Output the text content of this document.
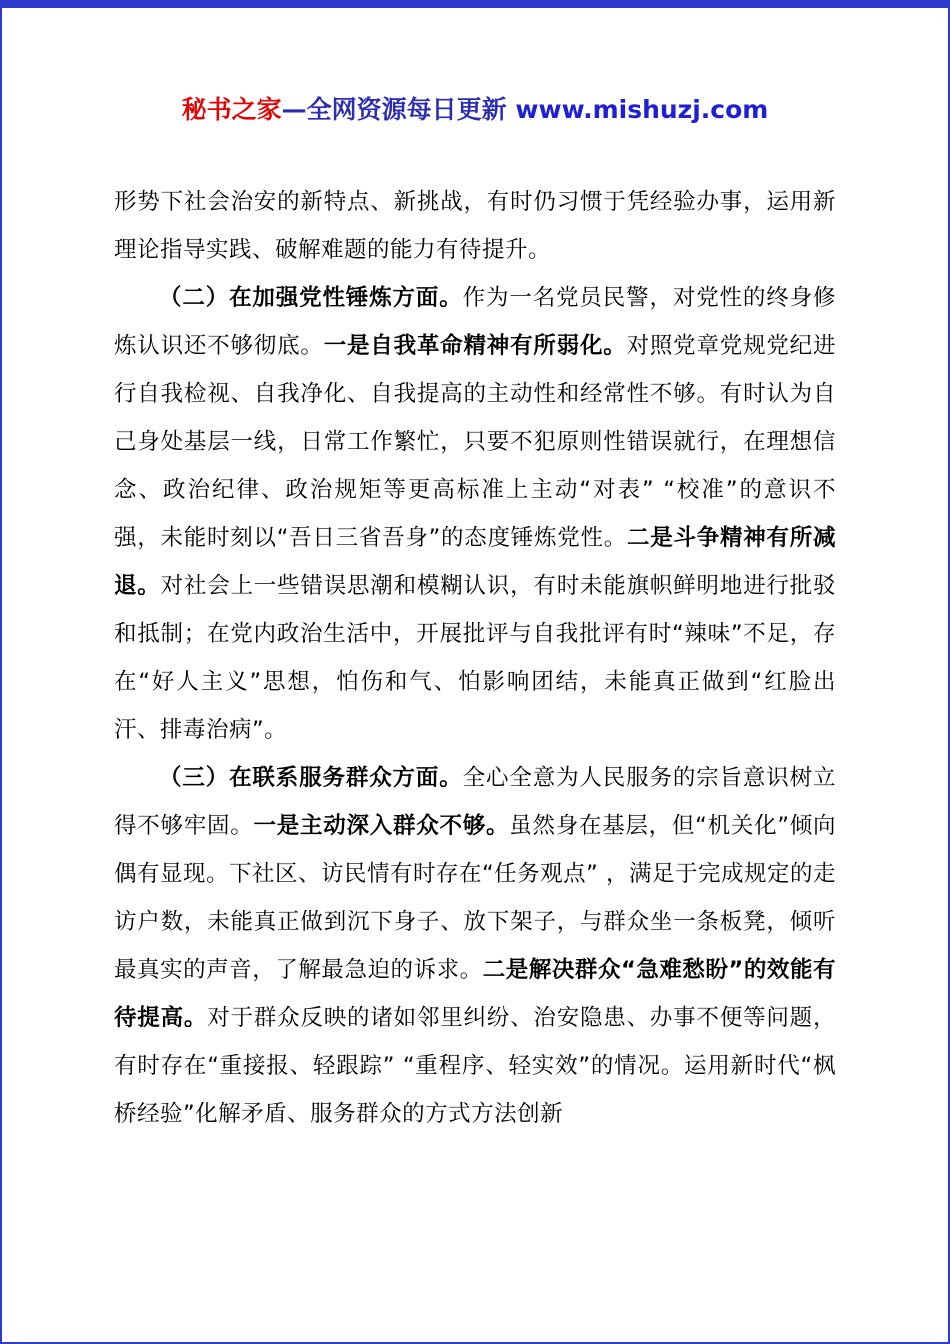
秘书之家—全网资源每日更新 www.mishuzj.com
形势下社会治安的新特点、新挑战，有时仍习惯于凭经验办事，运用新理论指导实践、破解难题的能力有待提升。
（二）在加强党性锤炼方面。作为一名党员民警，对党性的终身修炼认识还不够彻底。一是自我革命精神有所弱化。对照党章党规党纪进行自我检视、自我净化、自我提高的主动性和经常性不够。有时认为自己身处基层一线，日常工作繁忙，只要不犯原则性错误就行，在理想信念、政治纪律、政治规矩等更高标准上主动“对表” “校准”的意识不强，未能时刻以“吾日三省吾身”的态度锤炼党性。二是斗争精神有所减退。对社会上一些错误思潮和模糊认识，有时未能旗帜鲜明地进行批驳和抵制；在党内政治生活中，开展批评与自我批评有时“辣味”不足，存在“好人主义”思想，怕伤和气、怕影响团结，未能真正做到“红脸出汗、排毒治病”。
（三）在联系服务群众方面。全心全意为人民服务的宗旨意识树立得不够牢固。一是主动深入群众不够。虽然身在基层，但“机关化”倾向偶有显现。下社区、访民情有时存在“任务观点” ，满足于完成规定的走访户数，未能真正做到沉下身子、放下架子，与群众坐一条板凳，倾听最真实的声音，了解最急迫的诉求。二是解决群众“急难愁盼”的效能有待提高。对于群众反映的诸如邻里纠纷、治安隐患、办事不便等问题，有时存在“重接报、轻跟踪” “重程序、轻实效”的情况。运用新时代“枫桥经验”化解矛盾、服务群众的方式方法创新
